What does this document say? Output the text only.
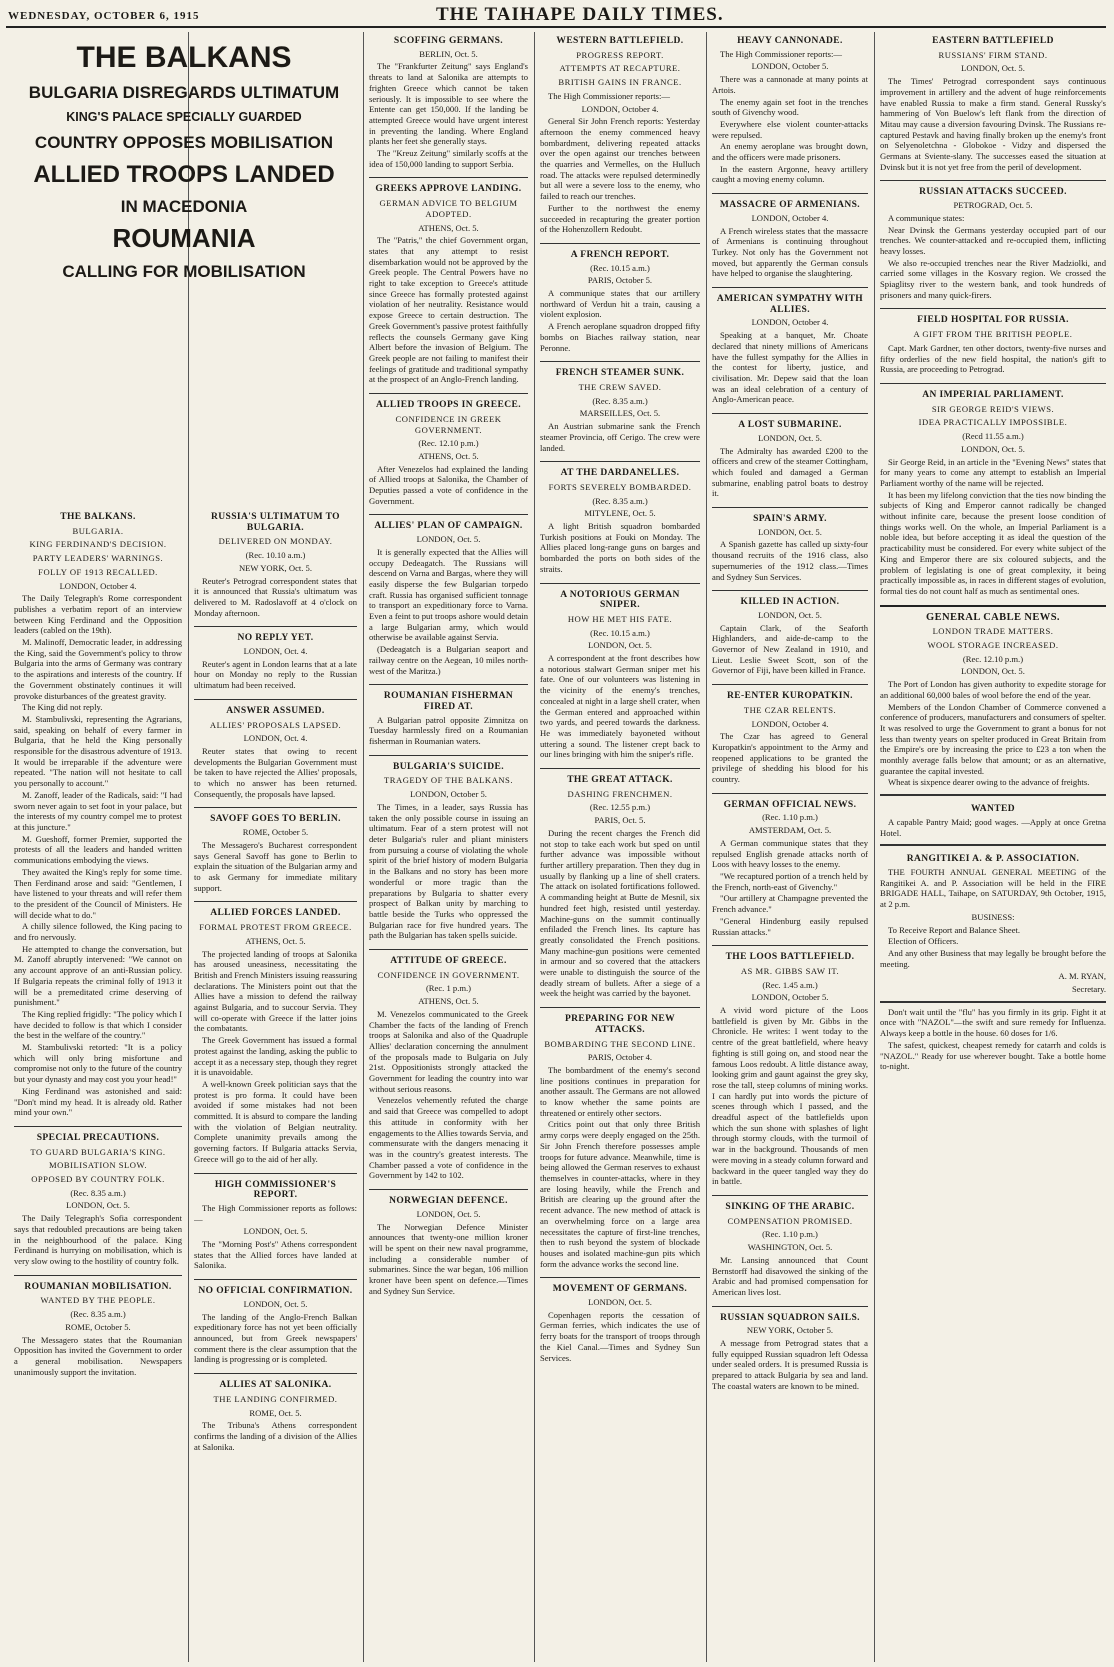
WEDNESDAY, OCTOBER 6, 1915	THE TAIHAPE DAILY TIMES.
THE BALKANS
BULGARIA DISREGARDS ULTIMATUM
KING'S PALACE SPECIALLY GUARDED
COUNTRY OPPOSES MOBILISATION
ALLIED TROOPS LANDED
IN MACEDONIA
ROUMANIA
CALLING FOR MOBILISATION
THE BALKANS.
BULGARIA.
KING FERDINAND'S DECISION.
PARTY LEADERS' WARNINGS.
FOLLY OF 1913 RECALLED.
LONDON, October 4.

The Daily Telegraph's Rome correspondent publishes a verbatim report of an interview between King Ferdinand and the Opposition leaders (cabled on the 19th).

M. Malinoff, Democratic leader, in addressing the King, said the Government's policy to throw Bulgaria into the arms of Germany was contrary to the aspirations and interests of the country. If the Government obstinately continues it will provoke disturbances of the greatest gravity.

The King did not reply.

M. Stambulivski, representing the Agrarians, said, speaking on behalf of every farmer in Bulgaria, that he held the King personally responsible for the disastrous adventure of 1913. It would be irreparable if the adventure were repeated. "The nation will not hesitate to call you personally to account."

M. Zanoff, leader of the Radicals, said: "I had sworn never again to set foot in your palace, but the interests of my country compel me to protest at this juncture."

M. Gueshoff, former Premier, supported the protests of all the leaders and handed written communications embodying the views.

They awaited the King's reply for some time. Then Ferdinand arose and said: "Gentlemen, I have listened to your threats and will refer them to the president of the Council of Ministers. He will decide what to do."

A chilly silence followed, the King pacing to and fro nervously.

He attempted to change the conversation, but M. Zanoff abruptly intervened: "We cannot on any account approve of an anti-Russian policy. If Bulgaria repeats the criminal folly of 1913 it will be a premeditated crime deserving of punishment."

The King replied frigidly: "The policy which I have decided to follow is that which I consider the best in the welfare of the country."

M. Stambulivski retorted: "It is a policy which will only bring misfortune and compromise not only to the future of the country but your dynasty and may cost you your head!"

King Ferdinand was astonished and said: "Don't mind my head. It is already old. Rather mind your own."

SPECIAL PRECAUTIONS.
TO GUARD BULGARIA'S KING.
MOBILISATION SLOW.
OPPOSED BY COUNTRY FOLK.
(Rec. 8.35 a.m.)
LONDON, Oct. 5.

The Daily Telegraph's Sofia correspondent says that redoubled precautions are being taken in the neighbourhood of the palace. King Ferdinand is hurrying on mobilisation, which is very slow owing to the hostility of country folk.

ROUMANIAN MOBILISATION.
WANTED BY THE PEOPLE.
(Rec. 8.35 a.m.)
ROME, October 5.

The Messagero states that the Roumanian Opposition has invited the Government to order a general mobilisation. Newspapers unanimously support the invitation.

RUSSIA'S ULTIMATUM TO BULGARIA.
DELIVERED ON MONDAY.
(Rec. 10.10 a.m.)
NEW YORK, Oct. 5.

Reuter's Petrograd correspondent states that it is announced that Russia's ultimatum was delivered to M. Radoslavoff at 4 o'clock on Monday afternoon.

NO REPLY YET.
LONDON, Oct. 4.

Reuter's agent in London learns that at a late hour on Monday no reply to the Russian ultimatum had been received.

ANSWER ASSUMED.
ALLIES' PROPOSALS LAPSED.
LONDON, Oct. 4.

Reuter states that owing to recent developments the Bulgarian Government must be taken to have rejected the Allies' proposals, to which no answer has been returned. Consequently, the proposals have lapsed.

SAVOFF GOES TO BERLIN.
ROME, October 5.

The Messagero's Bucharest correspondent says General Savoff has gone to Berlin to explain the situation of the Bulgarian army and to ask Germany for immediate military support.

ALLIED FORCES LANDED.
FORMAL PROTEST FROM GREECE.
ATHENS, Oct. 5.

The projected landing of troops at Salonika has aroused uneasiness, necessitating the British and French Ministers issuing reassuring declarations. The Ministers point out that the Allies have a mission to defend the railway against Bulgaria, and to succour Servia. They will co-operate with Greece if the latter joins the combatants.

The Greek Government has issued a formal protest against the landing, asking the public to accept it as a necessary step, though they regret it is unavoidable.

A well-known Greek politician says that the protest is pro forma. It could have been avoided if some mistakes had not been committed. It is absurd to compare the landing with the violation of Belgian neutrality. Complete unanimity prevails among the governing factors. If Bulgaria attacks Servia, Greece will go to the aid of her ally.

HIGH COMMISSIONER'S REPORT.

The High Commissioner reports as follows:—

LONDON, Oct. 5.

The "Morning Post's" Athens correspondent states that the Allied forces have landed at Salonika.

NO OFFICIAL CONFIRMATION.
LONDON, Oct. 5.

The landing of the Anglo-French Balkan expeditionary force has not yet been officially announced, but from Greek newspapers' comment there is the clear assumption that the landing is progressing or is completed.

ALLIES AT SALONIKA.
THE LANDING CONFIRMED.
ROME, Oct. 5.

The Tribuna's Athens correspondent confirms the landing of a division of the Allies at Salonika.

SCOFFING GERMANS.
BERLIN, Oct. 5.

The "Frankfurter Zeitung" says England's threats to land at Salonika are attempts to frighten Greece which cannot be taken seriously. It is impossible to see where the Entente can get 150,000. If the landing be attempted Greece would have urgent interest in preventing the landing. Where England plants her feet she generally stays.

The "Kreuz Zeitung" similarly scoffs at the idea of 150,000 landing to support Serbia.

GREEKS APPROVE LANDING.
GERMAN ADVICE TO BELGIUM ADOPTED.
ATHENS, Oct. 5.

The "Patris," the chief Government organ, states that any attempt to resist disembarkation would not be approved by the Greek people. The Central Powers have no right to take exception to Greece's attitude since Greece has formally protested against violation of her neutrality. Resistance would expose Greece to certain destruction. The Greek Government's passive protest faithfully reflects the counsels Germany gave King Albert before the invasion of Belgium. The Greek people are not failing to manifest their feelings of gratitude and traditional sympathy at the prospect of an Anglo-French landing.

ALLIED TROOPS IN GREECE.
CONFIDENCE IN GREEK GOVERNMENT.
(Rec. 12.10 p.m.)
ATHENS, Oct. 5.

After Venezelos had explained the landing of Allied troops at Salonika, the Chamber of Deputies passed a vote of confidence in the Government.

ALLIES' PLAN OF CAMPAIGN.
LONDON, Oct. 5.

It is generally expected that the Allies will occupy Dedeagatch. The Russians will descend on Varna and Bargas, where they will easily disperse the few Bulgarian torpedo craft. Russia has organised sufficient tonnage to transport an expeditionary force to Varna. Even a feint to put troops ashore would detain a large Bulgarian army, which would otherwise be available against Servia.

(Dedeagatch is a Bulgarian seaport and railway centre on the Aegean, 10 miles north-west of the Maritza.)

ROUMANIAN FISHERMAN FIRED AT.

A Bulgarian patrol opposite Zimnitza on Tuesday harmlessly fired on a Roumanian fisherman in Roumanian waters.

BULGARIA'S SUICIDE.
TRAGEDY OF THE BALKANS.
LONDON, October 5.

The Times, in a leader, says Russia has taken the only possible course in issuing an ultimatum. Fear of a stern protest will not deter Bulgaria's ruler and pliant ministers from pursuing a course of violating the whole spirit of the brief history of modern Bulgaria in the Balkans and no story has been more wonderful or more tragic than the preparations by Bulgaria to shatter every prospect of Balkan unity by marching to battle beside the Turks who oppressed the Bulgarian race for five hundred years. The path the Bulgarian has taken spells suicide.

ATTITUDE OF GREECE.
CONFIDENCE IN GOVERNMENT.
(Rec. 1 p.m.)
ATHENS, Oct. 5.

M. Venezelos communicated to the Greek Chamber the facts of the landing of French troops at Salonika and also of the Quadruple Allies' declaration concerning the annulment of the proposals made to Bulgaria on July 21st. Oppositionists strongly attacked the Government for leading the country into war without serious reasons.

Venezelos vehemently refuted the charge and said that Greece was compelled to adopt this attitude in conformity with her engagements to the Allies towards Servia, and commensurate with the dangers menacing it was in the country's greatest interests. The Chamber passed a vote of confidence in the Government by 142 to 102.

NORWEGIAN DEFENCE.
LONDON, Oct. 5.

The Norwegian Defence Minister announces that twenty-one million kroner will be spent on their new naval programme, including a considerable number of submarines. Since the war began, 106 million kroner have been spent on defence.—Times and Sydney Sun Service.

WESTERN BATTLEFIELD.
PROGRESS REPORT.
ATTEMPTS AT RECAPTURE.
BRITISH GAINS IN FRANCE.

The High Commissioner reports:—

LONDON, October 4.

General Sir John French reports: Yesterday afternoon the enemy commenced heavy bombardment, delivering repeated attacks over the open against our trenches between the quarries and Vermelles, on the Hulluch road. The attacks were repulsed determinedly but all were a severe loss to the enemy, who failed to reach our trenches.

Further to the northwest the enemy succeeded in recapturing the greater portion of the Hohenzollern Redoubt.

A FRENCH REPORT.
(Rec. 10.15 a.m.)
PARIS, October 5.

A communique states that our artillery northward of Verdun hit a train, causing a violent explosion.

A French aeroplane squadron dropped fifty bombs on Biaches railway station, near Peronne.

FRENCH STEAMER SUNK.
THE CREW SAVED.
(Rec. 8.35 a.m.)
MARSEILLES, Oct. 5.

An Austrian submarine sank the French steamer Provincia, off Cerigo. The crew were landed.

AT THE DARDANELLES.
FORTS SEVERELY BOMBARDED.
(Rec. 8.35 a.m.)
MITYLENE, Oct. 5.

A light British squadron bombarded Turkish positions at Fouki on Monday. The Allies placed long-range guns on barges and bombarded the ports on both sides of the straits.

A NOTORIOUS GERMAN SNIPER.
HOW HE MET HIS FATE.
(Rec. 10.15 a.m.)
LONDON, Oct. 5.

A correspondent at the front describes how a notorious stalwart German sniper met his fate. One of our volunteers was listening in the vicinity of the enemy's trenches, concealed at night in a large shell crater, when the German entered and approached within two yards, and peered towards the darkness. He was immediately bayoneted without uttering a sound. The listener crept back to our lines bringing with him the sniper's rifle.

THE GREAT ATTACK.
DASHING FRENCHMEN.
(Rec. 12.55 p.m.)
PARIS, Oct. 5.

During the recent charges the French did not stop to take each work but sped on until further advance was impossible without further artillery preparation. Then they dug in usually by flanking up a line of shell craters. The attack on isolated fortifications followed. A commanding height at Butte de Mesnil, six hundred feet high, resisted until yesterday. Machine-guns on the summit continually enfiladed the French lines. Its capture has greatly consolidated the French positions. Many machine-gun positions were cemented in armour and so covered that the attackers were unable to distinguish the source of the deadly stream of bullets. After a siege of a week the height was carried by the bayonet.

PREPARING FOR NEW ATTACKS.
BOMBARDING THE SECOND LINE.
PARIS, October 4.

The bombardment of the enemy's second line positions continues in preparation for another assault. The Germans are not allowed to know whether the same points are threatened or entirely other sectors.

Critics point out that only three British army corps were deeply engaged on the 25th. Sir John French therefore possesses ample troops for future advance. Meanwhile, time is being allowed the German reserves to exhaust themselves in counter-attacks, where in they are losing heavily, while the French and British are clearing up the ground after the recent advance. The new method of attack is an overwhelming force on a large area necessitates the capture of first-line trenches, then to rush beyond the system of blockade houses and isolated machine-gun pits which form the advance works the second line.

MOVEMENT OF GERMANS.
LONDON, Oct. 5.

Copenhagen reports the cessation of German ferries, which indicates the use of ferry boats for the transport of troops through the Kiel Canal.—Times and Sydney Sun Services.

HEAVY CANNONADE.

The High Commissioner reports:—

LONDON, October 5.

There was a cannonade at many points at Artois.

The enemy again set foot in the trenches south of Givenchy wood.

Everywhere else violent counter-attacks were repulsed.

An enemy aeroplane was brought down, and the officers were made prisoners.

In the eastern Argonne, heavy artillery caught a moving enemy column.

MASSACRE OF ARMENIANS.
LONDON, October 4.

A French wireless states that the massacre of Armenians is continuing throughout Turkey. Not only has the Government not moved, but apparently the German consuls have helped to organise the slaughtering.

AMERICAN SYMPATHY WITH ALLIES.
LONDON, October 4.

Speaking at a banquet, Mr. Choate declared that ninety millions of Americans have the fullest sympathy for the Allies in the contest for liberty, justice, and civilisation. Mr. Depew said that the loan was an ideal celebration of a century of Anglo-American peace.

A LOST SUBMARINE.
LONDON, Oct. 5.

The Admiralty has awarded £200 to the officers and crew of the steamer Cottingham, which fouled and damaged a German submarine, enabling patrol boats to destroy it.

SPAIN'S ARMY.
LONDON, Oct. 5.

A Spanish gazette has called up sixty-four thousand recruits of the 1916 class, also supernumeries of the 1912 class.—Times and Sydney Sun Services.

KILLED IN ACTION.
LONDON, Oct. 5.

Captain Clark, of the Seaforth Highlanders, and aide-de-camp to the Governor of New Zealand in 1910, and Lieut. Leslie Sweet Scott, son of the Governor of Fiji, have been killed in France.

RE-ENTER KUROPATKIN.
THE CZAR RELENTS.
LONDON, October 4.

The Czar has agreed to General Kuropatkin's appointment to the Army and reopened applications to be granted the privilege of shedding his blood for his country.

GERMAN OFFICIAL NEWS.
(Rec. 1.10 p.m.)
AMSTERDAM, Oct. 5.

A German communique states that they repulsed English grenade attacks north of Loos with heavy losses to the enemy.

"We recaptured portion of a trench held by the French, north-east of Givenchy."

"Our artillery at Champagne prevented the French advance."

"General Hindenburg easily repulsed Russian attacks."

THE LOOS BATTLEFIELD.
AS MR. GIBBS SAW IT.
(Rec. 1.45 a.m.)
LONDON, October 5.

A vivid word picture of the Loos battlefield is given by Mr. Gibbs in the Chronicle. He writes: I went today to the centre of the great battlefield, where heavy fighting is still going on, and stood near the famous Loos redoubt. A little distance away, looking grim and gaunt against the grey sky, rose the tall, steep columns of mining works. I can hardly put into words the picture of scenes through which I passed, and the dreadful aspect of the battlefields upon which the sun shone with splashes of light through stormy clouds, with the turmoil of war in the background. Thousands of men were moving in a steady column forward and backward in the queer tangled way they do in battle.

SINKING OF THE ARABIC.
COMPENSATION PROMISED.
(Rec. 1.10 p.m.)
WASHINGTON, Oct. 5.

Mr. Lansing announced that Count Bernstorff had disavowed the sinking of the Arabic and had promised compensation for American lives lost.

RUSSIAN SQUADRON SAILS.
NEW YORK, October 5.

A message from Petrograd states that a fully equipped Russian squadron left Odessa under sealed orders. It is presumed Russia is prepared to attack Bulgaria by sea and land. The coastal waters are known to be mined.

EASTERN BATTLEFIELD
RUSSIANS' FIRM STAND.
LONDON, Oct. 5.

The Times' Petrograd correspondent says continuous improvement in artillery and the advent of huge reinforcements have enabled Russia to make a firm stand. General Russky's hammering of Von Buelow's left flank from the direction of Mitau may cause a diversion favouring Dvinsk. The Russians re-captured Pestavk and having finally broken up the enemy's front on Selyenoletchna - Globokoe - Vidzy and dispersed the Germans at Sviente-slany. The successes eased the situation at Dvinsk but it is not yet free from the peril of development.

RUSSIAN ATTACKS SUCCEED.
PETROGRAD, Oct. 5.

A communique states:

Near Dvinsk the Germans yesterday occupied part of our trenches. We counter-attacked and re-occupied them, inflicting heavy losses.

We also re-occupied trenches near the River Madziolki, and carried some villages in the Kosvary region. We crossed the Spiaglitsy river to the western bank, and took hundreds of prisoners and many quick-firers.

FIELD HOSPITAL FOR RUSSIA.
A GIFT FROM THE BRITISH PEOPLE.

Capt. Mark Gardner, ten other doctors, twenty-five nurses and fifty orderlies of the new field hospital, the nation's gift to Russia, are proceeding to Petrograd.

AN IMPERIAL PARLIAMENT.
SIR GEORGE REID'S VIEWS.
IDEA PRACTICALLY IMPOSSIBLE.
(Recd 11.55 a.m.)
LONDON, Oct. 5.

Sir George Reid, in an article in the "Evening News" states that for many years to come any attempt to establish an Imperial Parliament worthy of the name will be rejected.

It has been my lifelong conviction that the ties now binding the subjects of King and Emperor cannot radically be changed without infinite care, because the present loose condition of things works well. On the whole, an Imperial Parliament is a noble idea, but before accepting it as ideal the question of the practicability must be considered. For every white subject of the King and Emperor there are six coloured subjects, and the problem of legislating is one of great complexity, it being practically impossible as, in races in different stages of evolution, formal ties do not count half as much as sentimental ones.

GENERAL CABLE NEWS.
LONDON TRADE MATTERS.
WOOL STORAGE INCREASED.
(Rec. 12.10 p.m.)
LONDON, Oct. 5.

The Port of London has given authority to expedite storage for an additional 60,000 bales of wool before the end of the year.

Members of the London Chamber of Commerce convened a conference of producers, manufacturers and consumers of spelter. It was resolved to urge the Government to grant a bonus for not less than twenty years on spelter produced in Great Britain from the Empire's ore by increasing the price to £23 a ton when the monthly average falls below that amount; or as an alternative, guarantee the capital invested.

Wheat is sixpence dearer owing to the advance of freights.

WANTED

A capable Pantry Maid; good wages. —Apply at once Gretna Hotel.

RANGITIKEI A. & P. ASSOCIATION.

THE FOURTH ANNUAL GENERAL MEETING of the Rangitikei A. and P. Association will be held in the FIRE BRIGADE HALL, Taihape, on SATURDAY, 9th October, 1915, at 2 p.m.

BUSINESS:

To Receive Report and Balance Sheet.

Election of Officers.

And any other Business that may legally be brought before the meeting.

A. M. RYAN,
Secretary.

Don't wait until the "flu" has you firmly in its grip. Fight it at once with "NAZOL"—the swift and sure remedy for Influenza. Always keep a bottle in the house. 60 doses for 1/6.

The safest, quickest, cheapest remedy for catarrh and colds is "NAZOL." Ready for use wherever bought. Take a bottle home to-night.
